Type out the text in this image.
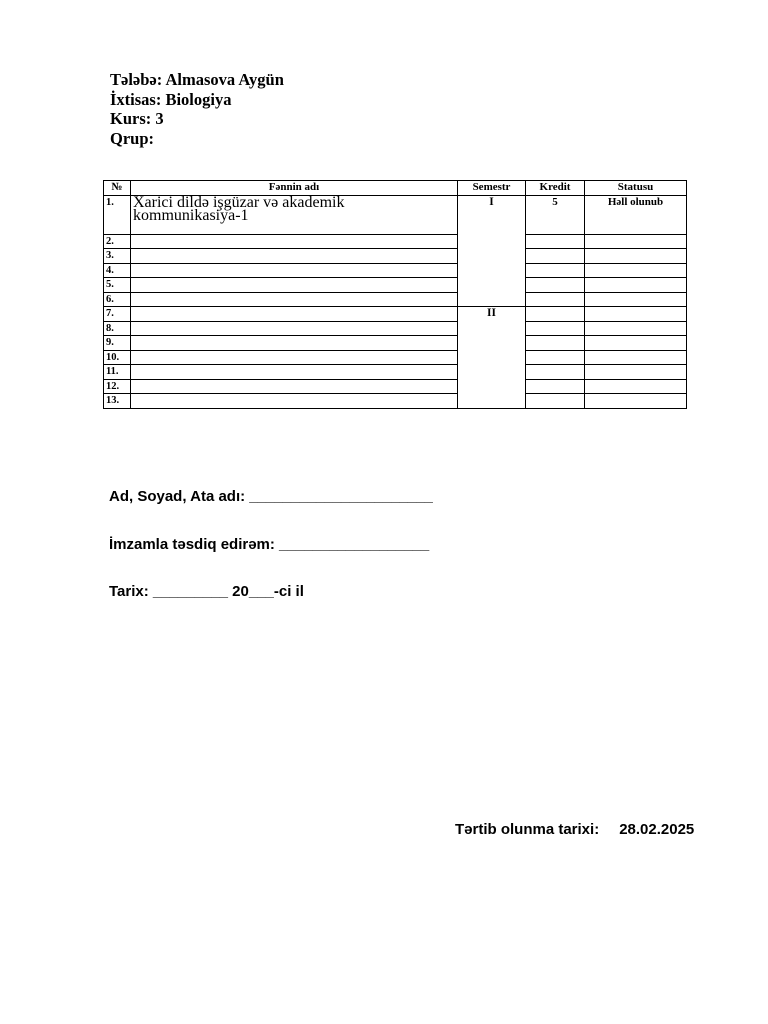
Tələbə: Almasova Aygün
İxtisas: Biologiya
Kurs: 3
Qrup:
№	Fənnin adı	Semestr	Kredit	Statusu
1.	Xarici dildə işgüzar və akademik kommunikasiya-1	I	5	Həll olunub
2.				
3.				
4.				
5.				
6.				
7.		II		
8.				
9.				
10.				
11.				
12.				
13.				
Ad, Soyad, Ata adı: ______________________
İmzamla təsdiq edirəm: __________________
Tarix: _________ 20___-ci il
Tərtib olunma tarixi: 28.02.2025
